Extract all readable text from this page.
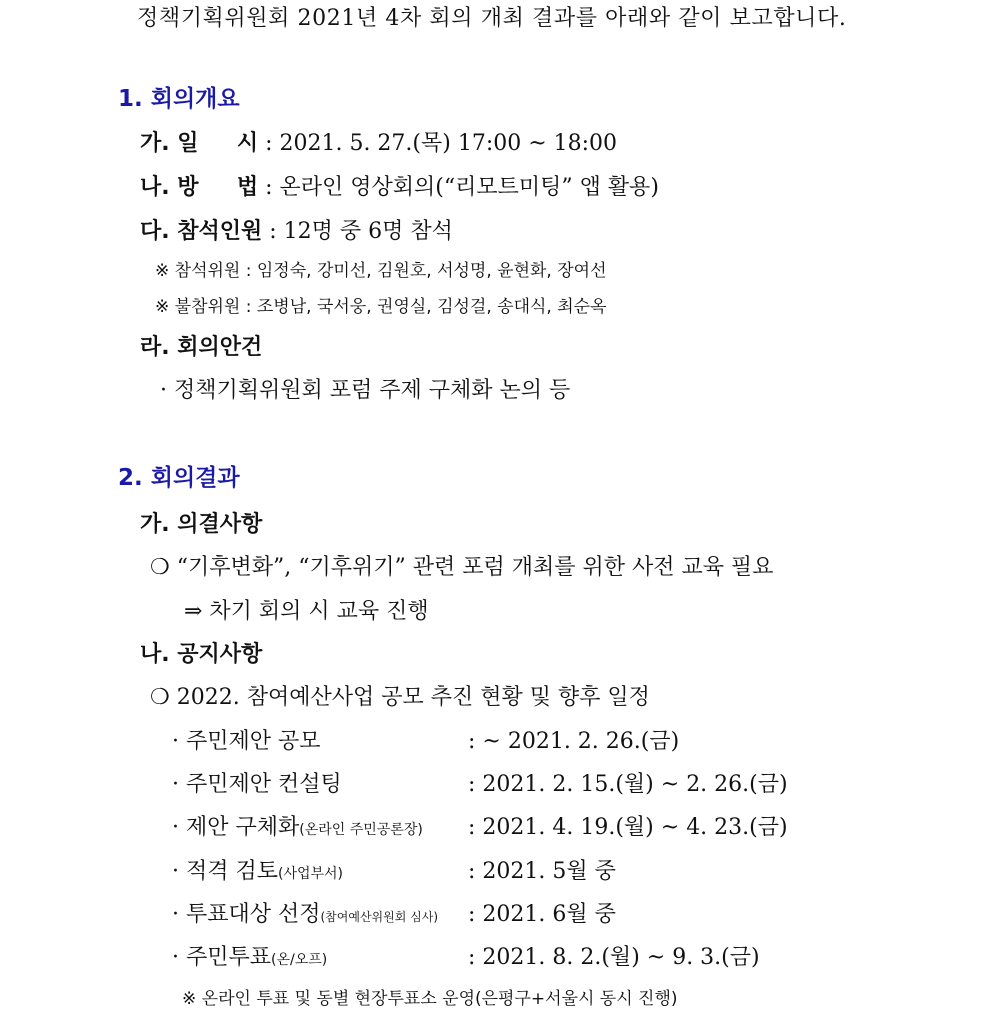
정책기획위원회 2021년 4차 회의 개최 결과를 아래와 같이 보고합니다.
1. 회의개요
가. 일     시 : 2021. 5. 27.(목) 17:00 ~ 18:00
나. 방     법 : 온라인 영상회의(“리모트미팅” 앱 활용)
다. 참석인원 : 12명 중 6명 참석
※ 참석위원 : 임정숙, 강미선, 김원호, 서성명, 윤현화, 장여선
※ 불참위원 : 조병남, 국서웅, 권영실, 김성걸, 송대식, 최순옥
라. 회의안건
· 정책기획위원회 포럼 주제 구체화 논의 등
2. 회의결과
가. 의결사항
❍ “기후변화”, “기후위기” 관련 포럼 개최를 위한 사전 교육 필요
⇒ 차기 회의 시 교육 진행
나. 공지사항
❍ 2022. 참여예산사업 공모 추진 현황 및 향후 일정
· 주민제안 공모	: ~ 2021. 2. 26.(금)
· 주민제안 컨설팅	: 2021. 2. 15.(월) ~ 2. 26.(금)
· 제안 구체화(온라인 주민공론장) : 2021. 4. 19.(월) ~ 4. 23.(금)
· 적격 검토(사업부서)	: 2021. 5월 중
· 투표대상 선정(참여예산위원회 심사) : 2021. 6월 중
· 주민투표(온/오프)	: 2021. 8. 2.(월) ~ 9. 3.(금)
※ 온라인 투표 및 동별 현장투표소 운영(은평구+서울시 동시 진행)
